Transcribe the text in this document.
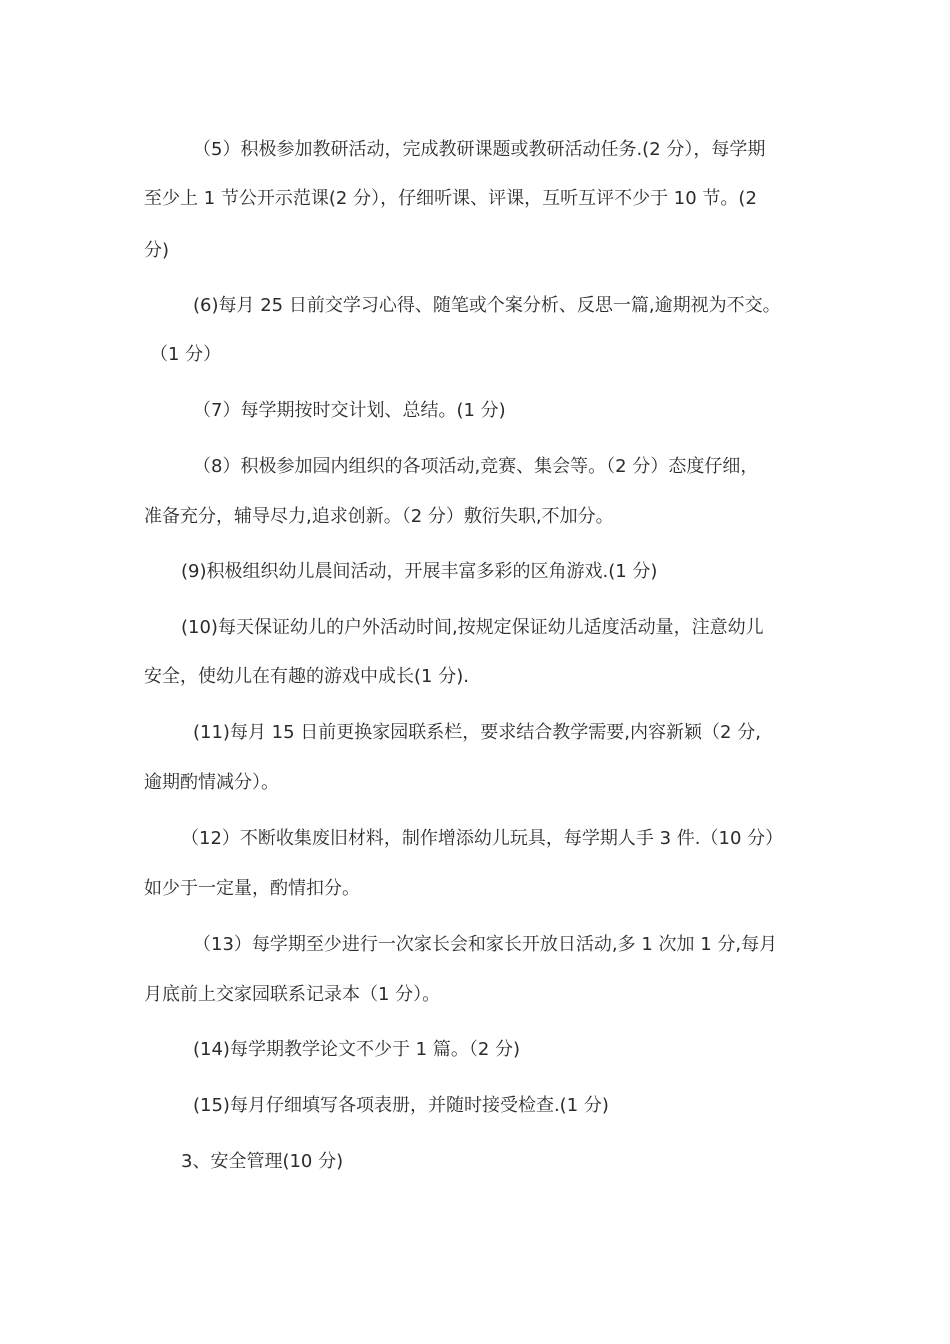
（5）积极参加教研活动，完成教研课题或教研活动任务.(2 分），每学期
至少上 1 节公开示范课(2 分），仔细听课、评课，互听互评不少于 10 节。(2
分)
(6)每月 25 日前交学习心得、随笔或个案分析、反思一篇,逾期视为不交。
（1 分）
（7）每学期按时交计划、总结。(1 分)
（8）积极参加园内组织的各项活动,竞赛、集会等。（2 分）态度仔细，
准备充分，辅导尽力,追求创新。（2 分）敷衍失职,不加分。
(9)积极组织幼儿晨间活动，开展丰富多彩的区角游戏.(1 分)
(10)每天保证幼儿的户外活动时间,按规定保证幼儿适度活动量，注意幼儿
安全，使幼儿在有趣的游戏中成长(1 分).
(11)每月 15 日前更换家园联系栏，要求结合教学需要,内容新颖（2 分,
逾期酌情减分）。
（12）不断收集废旧材料，制作增添幼儿玩具，每学期人手 3 件.（10 分）
如少于一定量，酌情扣分。
（13）每学期至少进行一次家长会和家长开放日活动,多 1 次加 1 分,每月
月底前上交家园联系记录本（1 分）。
(14)每学期教学论文不少于 1 篇。（2 分)
(15)每月仔细填写各项表册，并随时接受检查.(1 分)
3、安全管理(10 分)
